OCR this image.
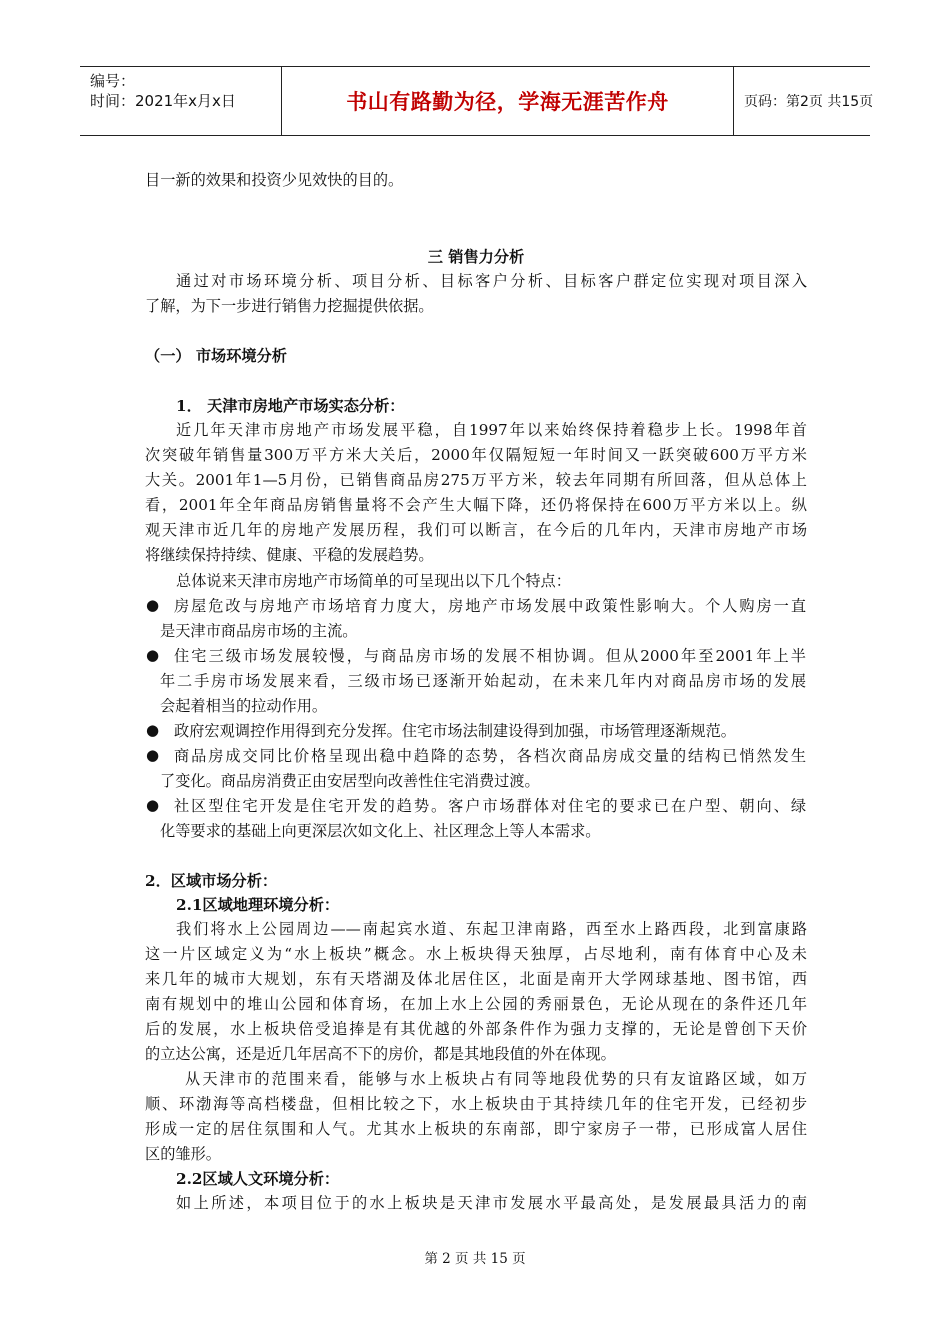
编号：
时间：2021年x月x日	书山有路勤为径，学海无涯苦作舟	页码：第2页 共15页
目一新的效果和投资少见效快的目的。
三 销售力分析
通过对市场环境分析、项目分析、目标客户分析、目标客户群定位实现对项目深入
了解，为下一步进行销售力挖掘提供依据。
（一） 市场环境分析
1． 天津市房地产市场实态分析：
近几年天津市房地产市场发展平稳，自1997年以来始终保持着稳步上长。1998年首
次突破年销售量300万平方米大关后，2000年仅隔短短一年时间又一跃突破600万平方米
大关。2001年1—5月份，已销售商品房275万平方米，较去年同期有所回落，但从总体上
看，2001年全年商品房销售量将不会产生大幅下降，还仍将保持在600万平方米以上。纵
观天津市近几年的房地产发展历程，我们可以断言，在今后的几年内，天津市房地产市场
将继续保持持续、健康、平稳的发展趋势。
总体说来天津市房地产市场简单的可呈现出以下几个特点：
● 房屋危改与房地产市场培育力度大，房地产市场发展中政策性影响大。个人购房一直
是天津市商品房市场的主流。
● 住宅三级市场发展较慢，与商品房市场的发展不相协调。但从2000年至2001年上半
年二手房市场发展来看，三级市场已逐渐开始起动，在未来几年内对商品房市场的发展
会起着相当的拉动作用。
● 政府宏观调控作用得到充分发挥。住宅市场法制建设得到加强，市场管理逐渐规范。
● 商品房成交同比价格呈现出稳中趋降的态势，各档次商品房成交量的结构已悄然发生
了变化。商品房消费正由安居型向改善性住宅消费过渡。
● 社区型住宅开发是住宅开发的趋势。客户市场群体对住宅的要求已在户型、朝向、绿
化等要求的基础上向更深层次如文化上、社区理念上等人本需求。
2．区域市场分析：
2.1区域地理环境分析：
我们将水上公园周边——南起宾水道、东起卫津南路，西至水上路西段，北到富康路
这一片区域定义为“水上板块”概念。水上板块得天独厚，占尽地利，南有体育中心及未
来几年的城市大规划，东有天塔湖及体北居住区，北面是南开大学网球基地、图书馆，西
南有规划中的堆山公园和体育场，在加上水上公园的秀丽景色，无论从现在的条件还几年
后的发展，水上板块倍受追捧是有其优越的外部条件作为强力支撑的，无论是曾创下天价
的立达公寓，还是近几年居高不下的房价，都是其地段值的外在体现。
从天津市的范围来看，能够与水上板块占有同等地段优势的只有友谊路区域，如万
顺、环渤海等高档楼盘，但相比较之下，水上板块由于其持续几年的住宅开发，已经初步
形成一定的居住氛围和人气。尤其水上板块的东南部，即宁家房子一带，已形成富人居住
区的雏形。
2.2区域人文环境分析：
如上所述，本项目位于的水上板块是天津市发展水平最高处，是发展最具活力的南
第 2 页 共 15 页
